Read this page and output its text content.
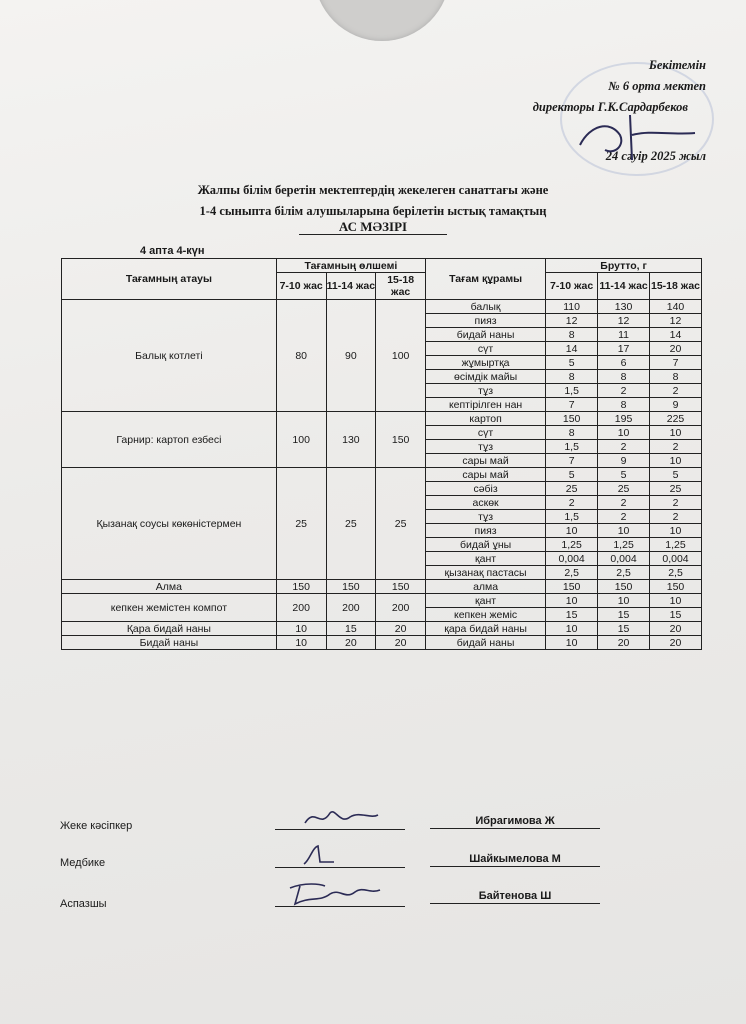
Бекітемін
№ 6 орта мектеп
директоры Г.К.Сардарбеков
24 сәуір 2025 жыл
Жалпы білім беретін мектептердің жекелеген санаттағы және
1-4 сыныпта білім алушыларына берілетін ыстық тамақтың
АС МӘЗІРІ
4 апта 4-күн
Тағамның атауы	Тағамның өлшемі			Тағам құрамы	Брутто, г		
	7-10 жас	11-14 жас	15-18 жас		7-10 жас	11-14 жас	15-18 жас
Балық котлеті	80	90	100	балық	110	130	140
				пияз	12	12	12
				бидай наны	8	11	14
				сүт	14	17	20
				жұмыртқа	5	6	7
				өсімдік майы	8	8	8
				тұз	1,5	2	2
				кептірілген нан	7	8	9
Гарнир: картоп езбесі	100	130	150	картоп	150	195	225
				сүт	8	10	10
				тұз	1,5	2	2
				сары май	7	9	10
Қызанақ соусы көкөністермен	25	25	25	сары май	5	5	5
				сәбіз	25	25	25
				аскөк	2	2	2
				тұз	1,5	2	2
				пияз	10	10	10
				бидай ұны	1,25	1,25	1,25
				қант	0,004	0,004	0,004
				қызанақ пастасы	2,5	2,5	2,5
Алма	150	150	150	алма	150	150	150
кепкен жемістен компот	200	200	200	қант	10	10	10
				кепкен жеміс	15	15	15
Қара бидай наны	10	15	20	қара бидай наны	10	15	20
Бидай наны	10	20	20	бидай наны	10	20	20
Жеке кәсіпкер	Ибрагимова Ж
Медбике	Шайкымелова М
Аспазшы
Байтенова Ш
